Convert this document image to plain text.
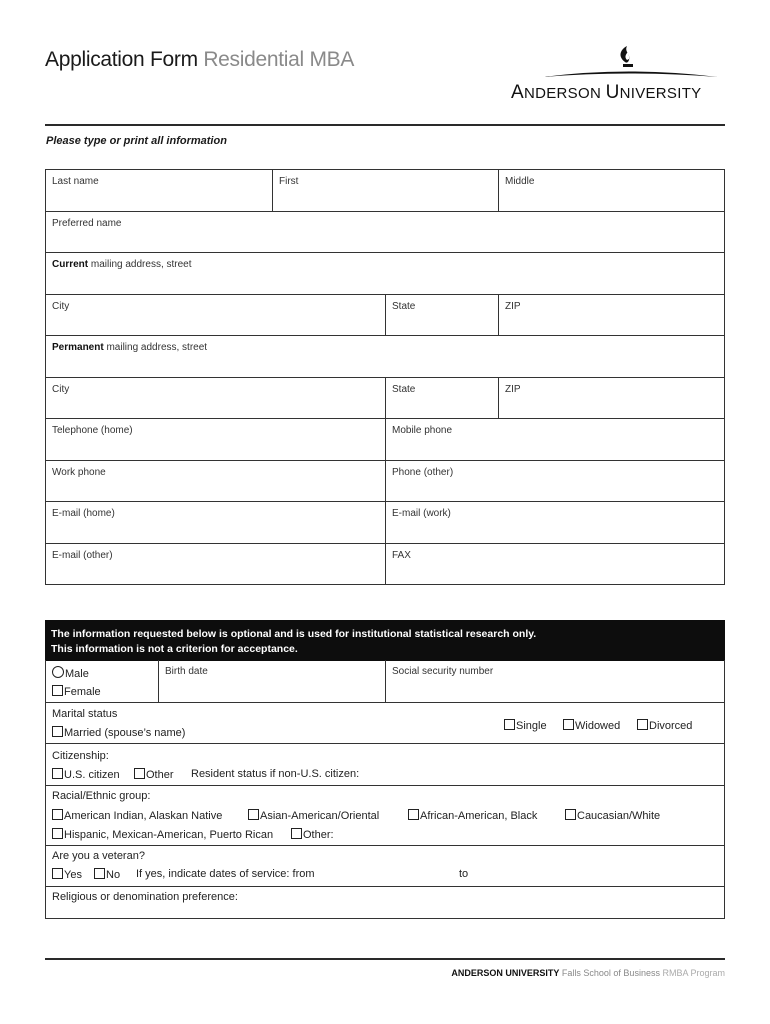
Application Form Residential MBA
ANDERSON UNIVERSITY
Please type or print all information
Last name	First	Middle
Preferred name
Current mailing address, street
City	State	ZIP
Permanent mailing address, street
City	State	ZIP
Telephone (home)	Mobile phone
Work phone	Phone (other)
E-mail (home)	E-mail (work)
E-mail (other)	FAX
The information requested below is optional and is used for institutional statistical research only.
This information is not a criterion for acceptance.
Male
Female
Birth date	Social security number
Marital status
Married (spouse’s name)
Single	Widowed	Divorced
Citizenship:
U.S. citizen	Other Resident status if non-U.S. citizen:
Racial/Ethnic group:
American Indian, Alaskan Native	Asian-American/Oriental	African-American, Black	Caucasian/White
Hispanic, Mexican-American, Puerto Rican	Other:
Are you a veteran?
Yes	No If yes, indicate dates of service: from	to
Religious or denomination preference:
ANDERSON UNIVERSITY Falls School of Business RMBA Program
